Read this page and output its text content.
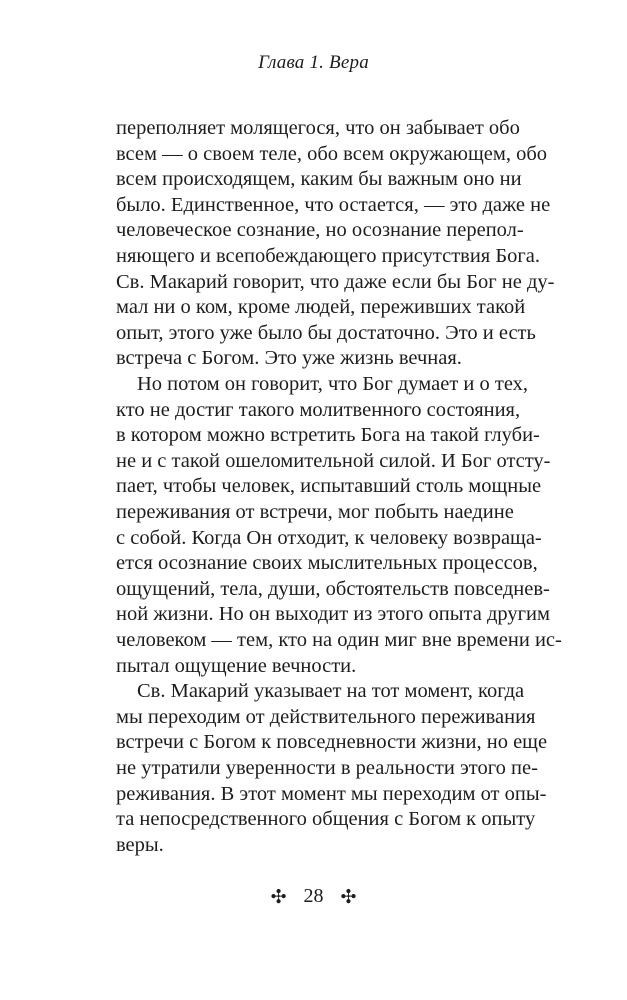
Глава 1. Вера
переполняет молящегося, что он забывает обо
всем — о своем теле, обо всем окружающем, обо
всем происходящем, каким бы важным оно ни
было. Единственное, что остается, — это даже не
человеческое сознание, но осознание перепол-
няющего и всепобеждающего присутствия Бога.
Св. Макарий говорит, что даже если бы Бог не ду-
мал ни о ком, кроме людей, переживших такой
опыт, этого уже было бы достаточно. Это и есть
встреча с Богом. Это уже жизнь вечная.
Но потом он говорит, что Бог думает и о тех,
кто не достиг такого молитвенного состояния,
в котором можно встретить Бога на такой глуби-
не и с такой ошеломительной силой. И Бог отсту-
пает, чтобы человек, испытавший столь мощные
переживания от встречи, мог побыть наедине
с собой. Когда Он отходит, к человеку возвраща-
ется осознание своих мыслительных процессов,
ощущений, тела, души, обстоятельств повседнев-
ной жизни. Но он выходит из этого опыта другим
человеком — тем, кто на один миг вне времени ис-
пытал ощущение вечности.
Св. Макарий указывает на тот момент, когда
мы переходим от действительного переживания
встречи с Богом к повседневности жизни, но еще
не утратили уверенности в реальности этого пе-
реживания. В этот момент мы переходим от опы-
та непосредственного общения с Богом к опыту
веры.
✣ 28 ✣
